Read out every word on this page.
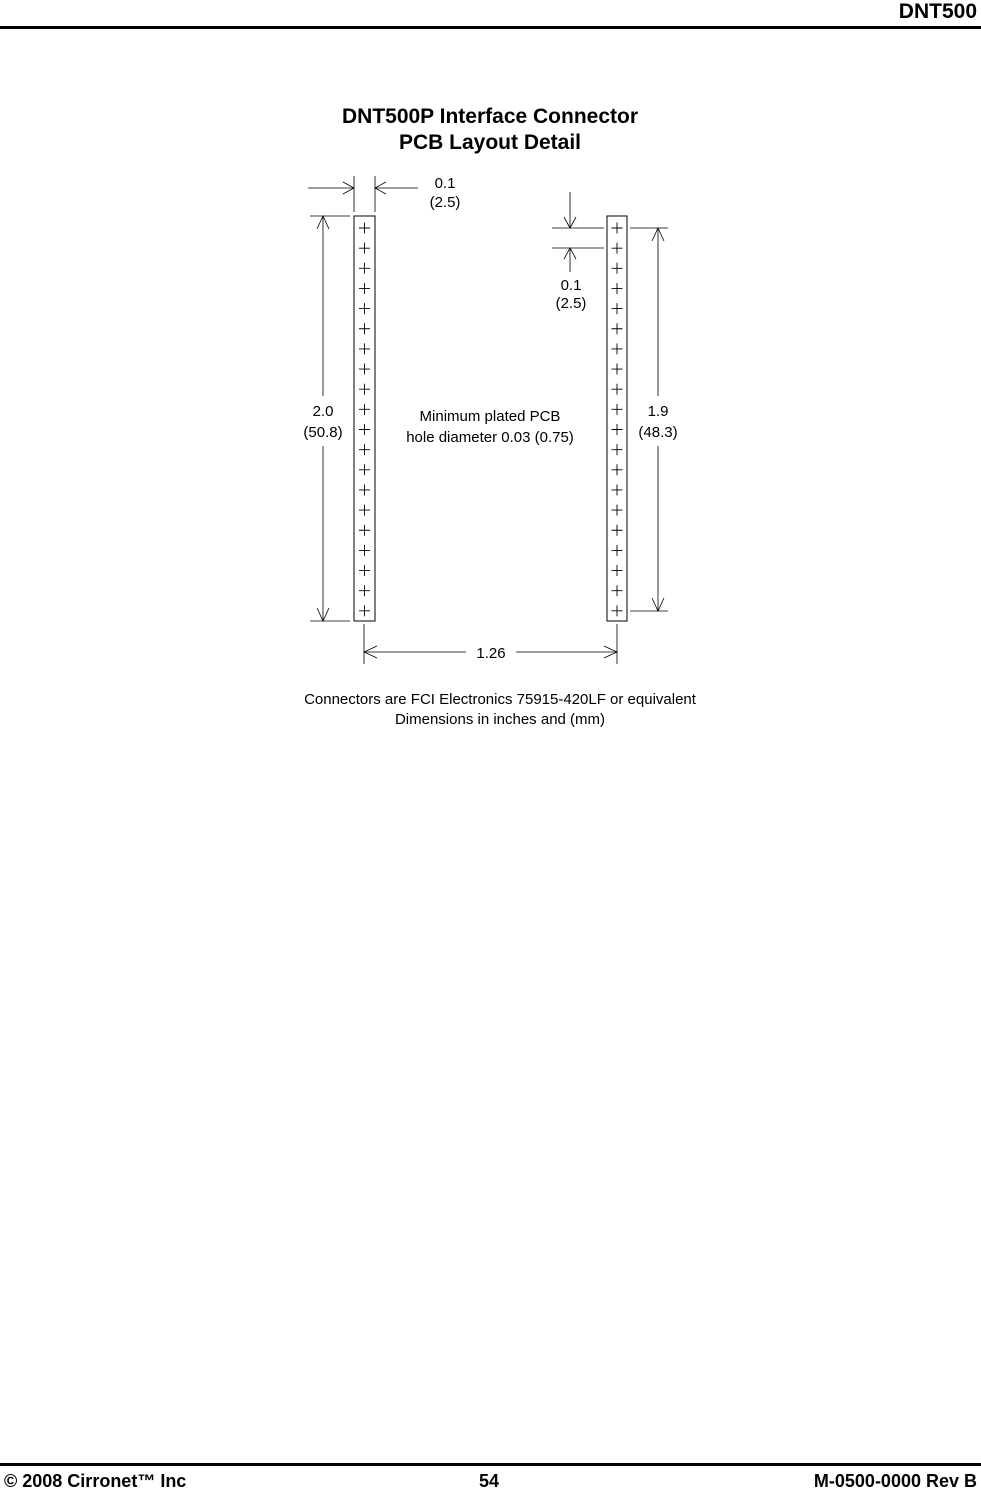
DNT500
DNT500P Interface Connector
PCB Layout Detail
0.1
(2.5)
0.1
(2.5)
2.0
(50.8)
1.9
(48.3)
Minimum plated PCB
hole diameter 0.03 (0.75)
1.26
Connectors are FCI Electronics 75915-420LF or equivalent
Dimensions in inches and (mm)
© 2008 Cirronet™ Inc	54	M-0500-0000 Rev B
